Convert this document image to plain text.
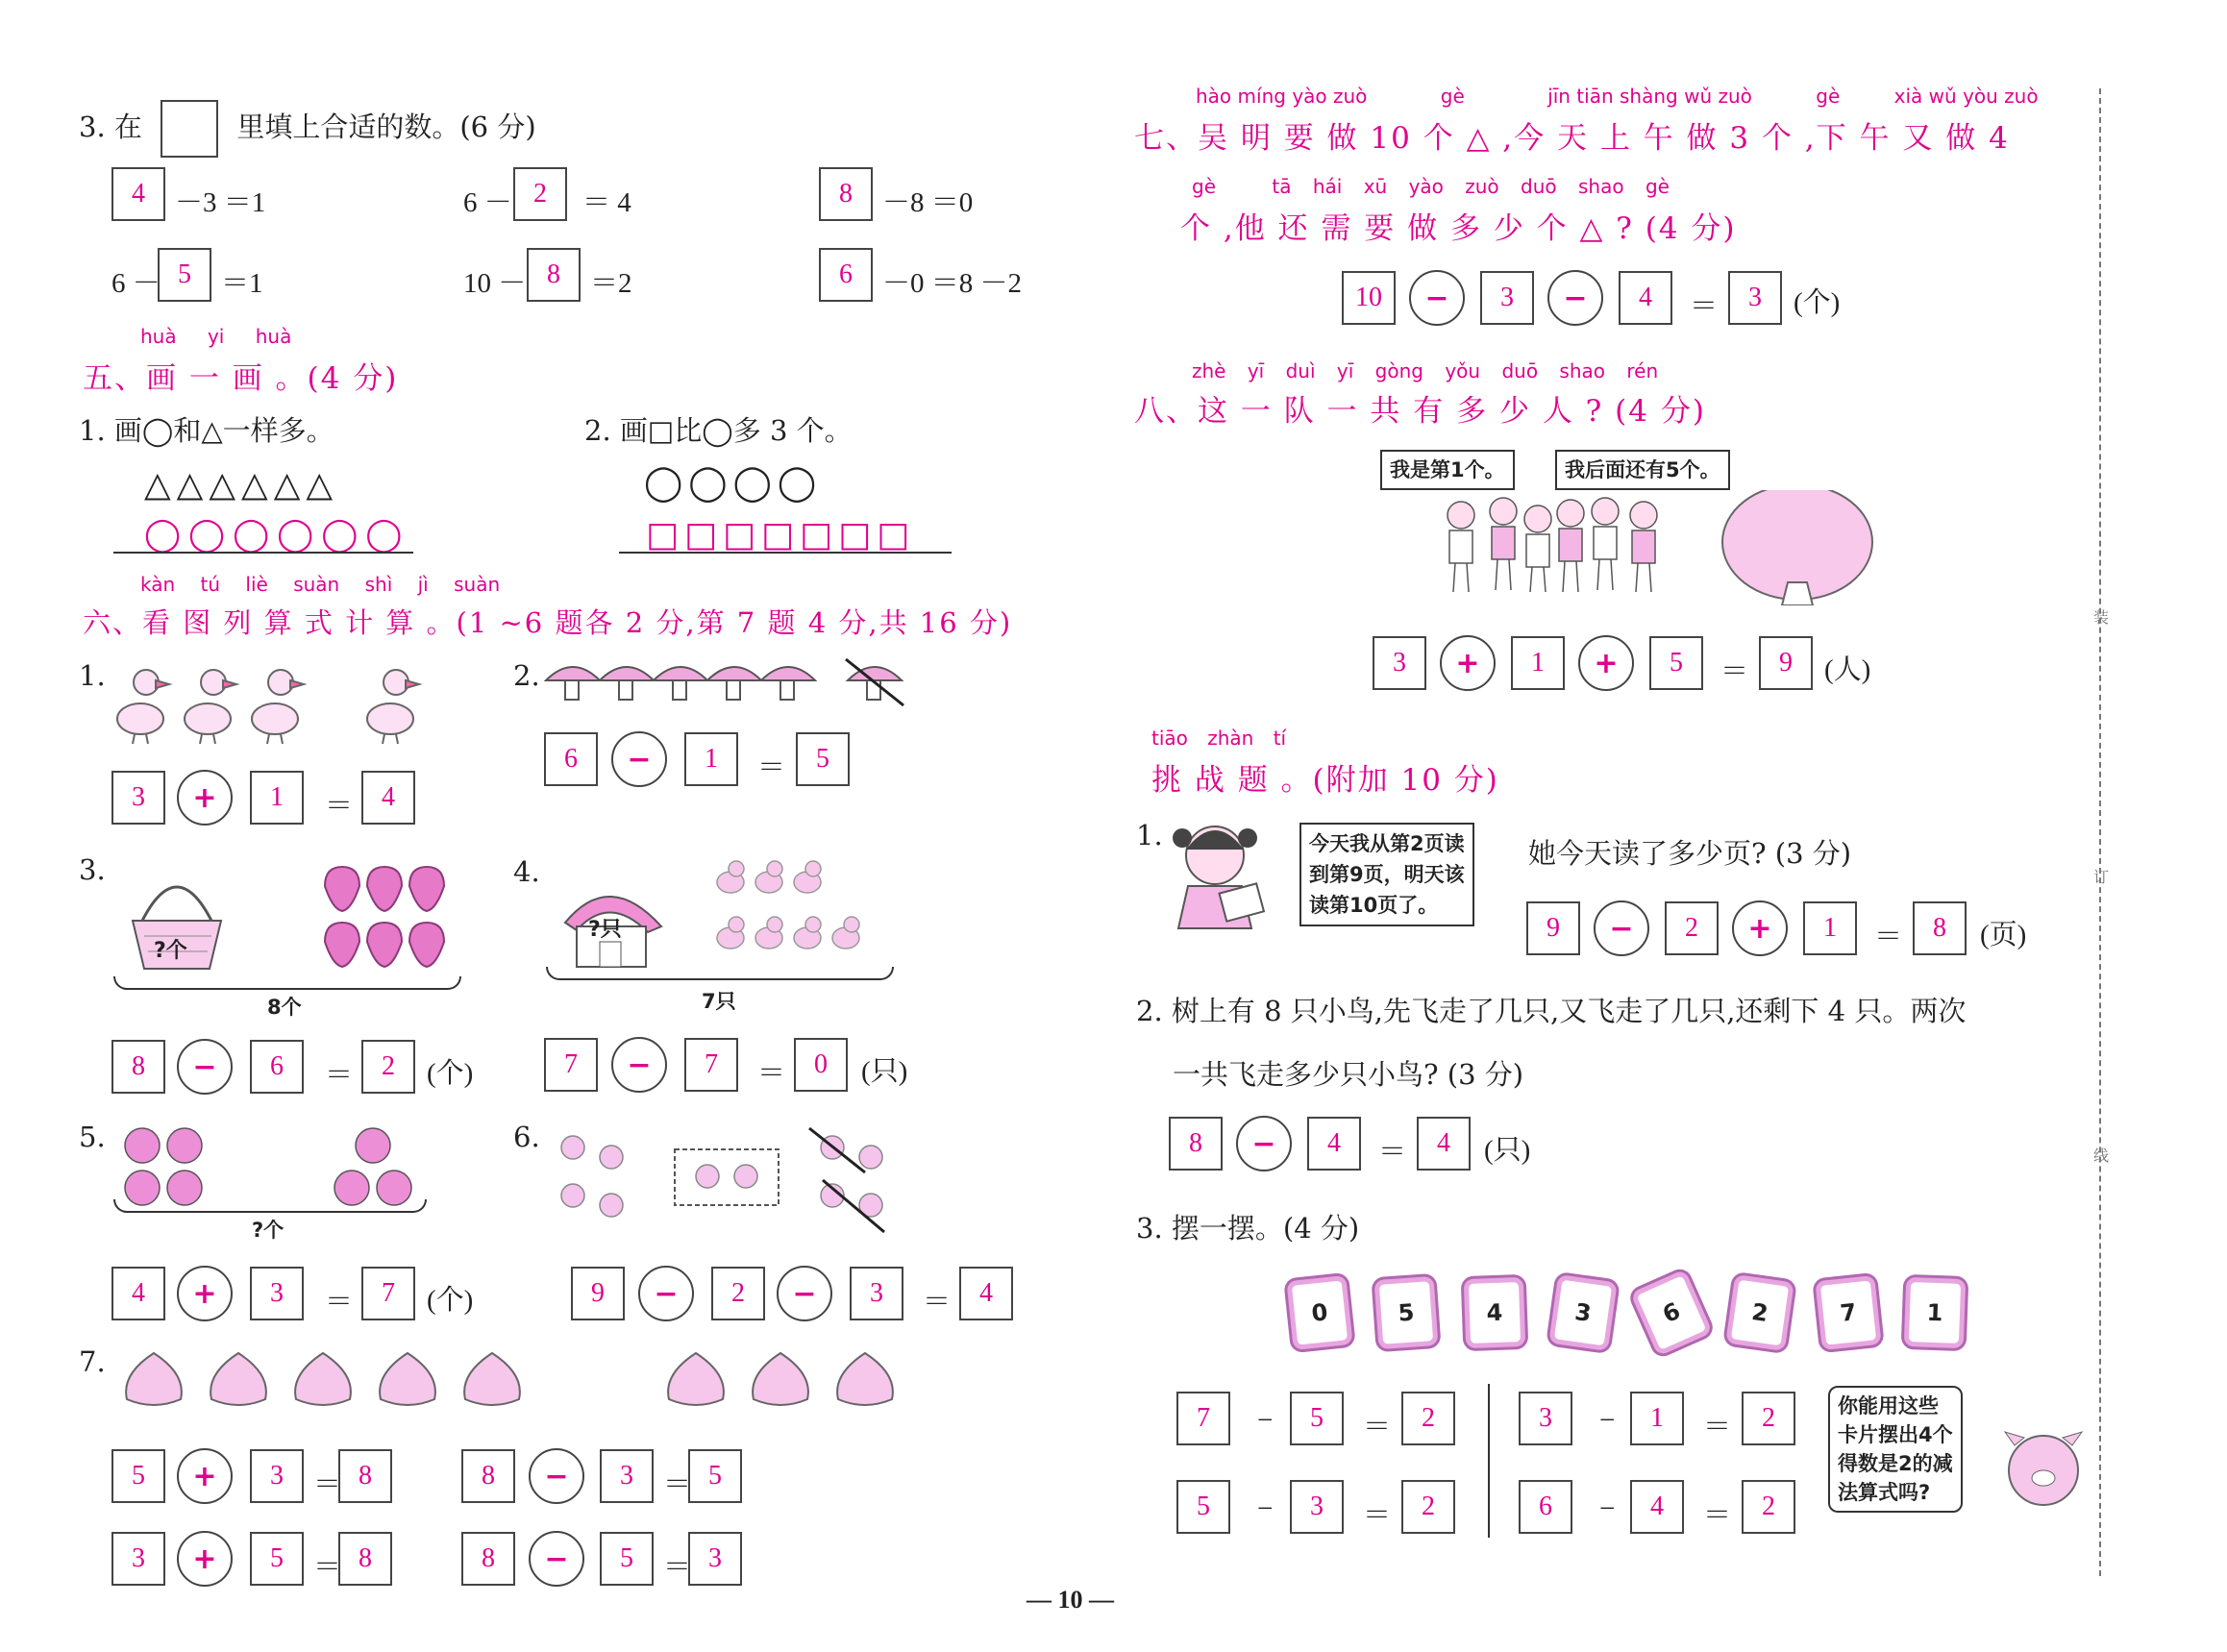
3. 在	里填上合适的数。(6 分)
4	－3 ＝1	6 － 2	＝ 4	8	－8 ＝0
6 － 5	＝1	10 － 8	＝2	6	－0 ＝8 －2
huà yi huà
五、画 一 画 。(4 分)
1. 画◯和△一样多。	2. 画□比◯多 3 个。
△△△△△△
◯◯◯◯◯◯
◯◯◯◯
□□□□□□□
kàn tú liè suàn shì jì suàn
六、看 图 列 算 式 计 算 。(1 ~6 题各 2 分,第 7 题 4 分,共 16 分)
1.
3	+	1	＝	4
2.
6	−	1	＝	5
3.
?个
8个
8	−	6	＝	2	(个)
4.
?只
7只
7	−	7	＝	0	(只)
5.
?个
4	+	3	＝	7	(个)
6.
9	−	2	−	3	＝	4
7.
5	+	3	＝ 8	8	−	3	＝ 5
3	+	5	＝ 8	8	−	5	＝ 3
hào míng yào zuò	gè	jīn tiān shàng wǔ zuò	gè	xià wǔ yòu zuò
七、吴 明 要 做 10 个 △ ,今 天 上 午 做 3 个 ,下 午 又 做 4
gè	tā hái xū yào zuò duō shao gè
个 ,他 还 需 要 做 多 少 个 △ ? (4 分)
10	−	3	−	4	＝	3	(个)
zhè yī duì yī gòng yǒu duō shao rén
八、这 一 队 一 共 有 多 少 人 ? (4 分)
我是第1个。	我后面还有5个。
3	+	1	+	5	＝	9	(人)
tiāo zhàn tí
挑 战 题 。(附加 10 分)
1.	今天我从第2页读
到第9页，明天该
读第10页了。
她今天读了多少页? (3 分)
9	−	2	+	1	＝	8	(页)
2. 树上有 8 只小鸟,先飞走了几只,又飞走了几只,还剩下 4 只。两次
一共飞走多少只小鸟? (3 分)
8	−	4	＝	4	(只)
3. 摆一摆。(4 分)
0	5	4	3	6	2	7	1
7	−	5	＝	2
5	−	3	＝	2
3	−	1	＝	2
6	−	4	＝	2
你能用这些
卡片摆出4个
得数是2的减
法算式吗?
装
订
线
— 10 —
